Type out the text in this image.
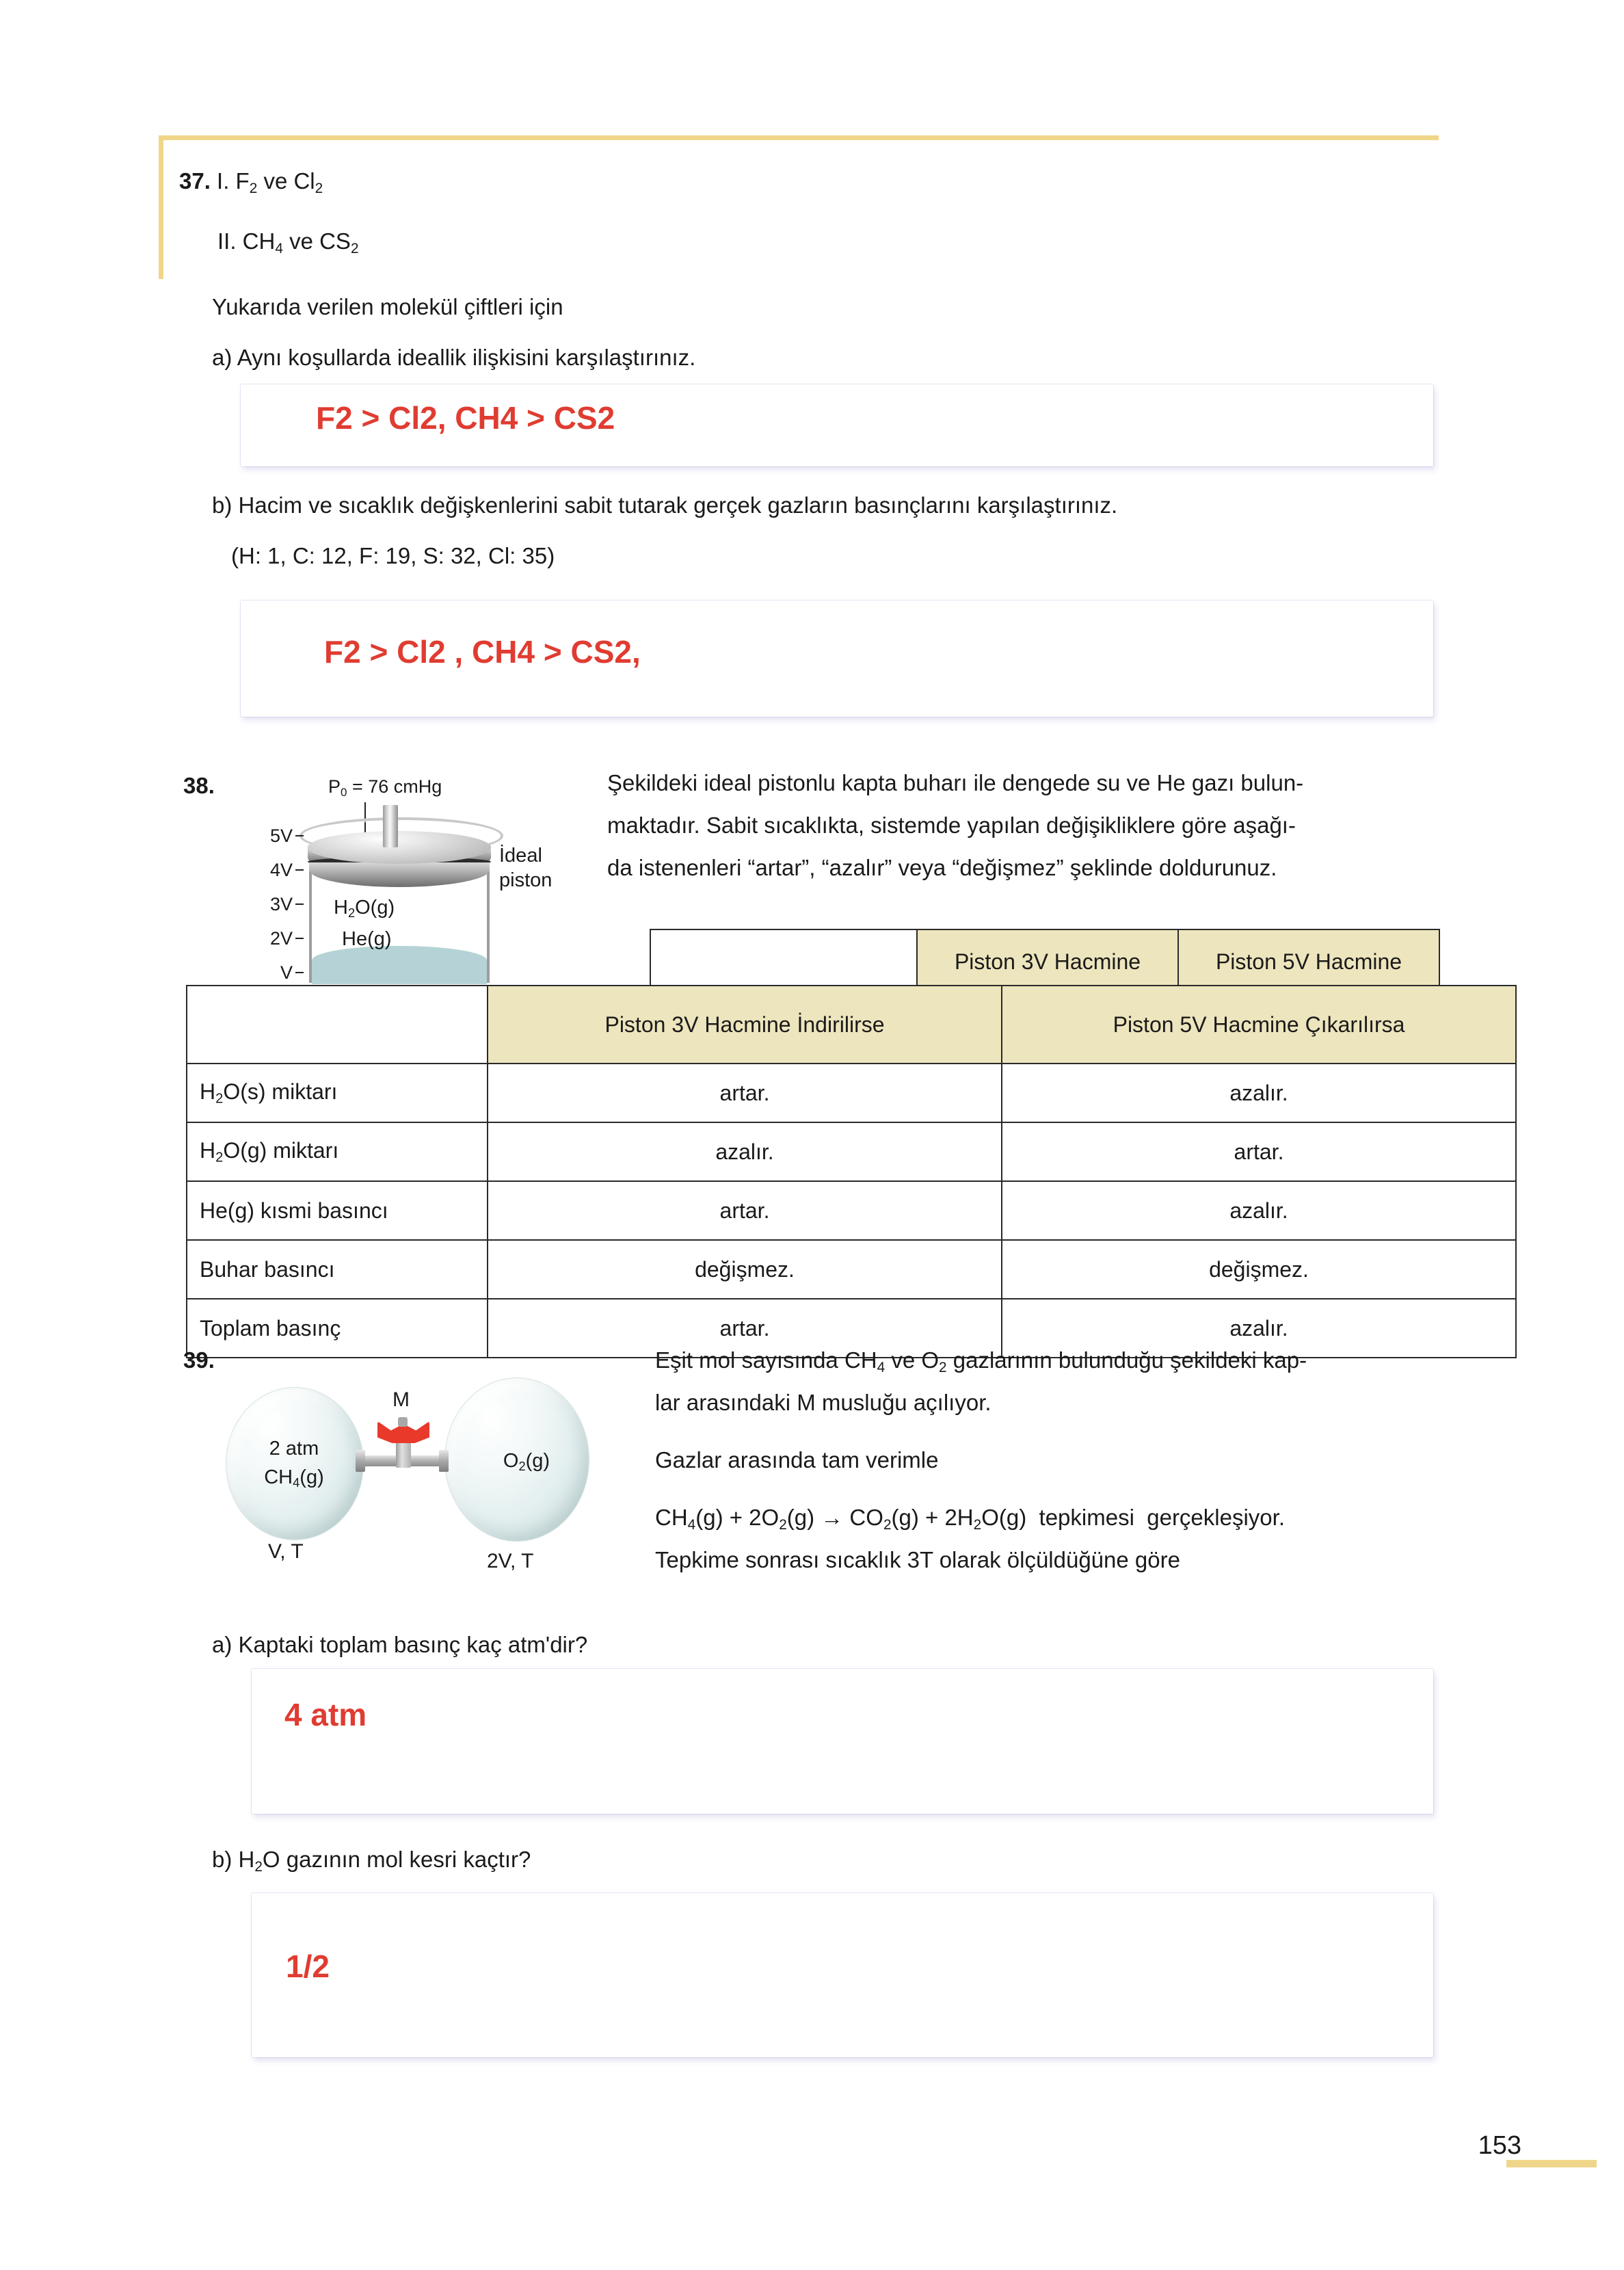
37. I. $F_2$ ve $Cl_2$
II. $CH_4$ ve $CS_2$
Yukarıda verilen molekül çiftleri için
a) Aynı koşullarda ideallik ilişkisini karşılaştırınız.
F2 > Cl2, CH4 > CS2
b) Hacim ve sıcaklık değişkenlerini sabit tutarak gerçek gazların basınçlarını karşılaştırınız.
(H: 1, C: 12, F: 19, S: 32, Cl: 35)
F2 > Cl2 , CH4 > CS2,
38.	$P_0 = 76$ cmHg
5V
4V
3V
2V
V
$H_2O(g)$
He(g)
İdeal
piston
Şekildeki ideal pistonlu kapta buharı ile dengede su ve He gazı bulun-
maktadır. Sabit sıcaklıkta, sistemde yapılan değişikliklere göre aşağı-
da istenenleri “artar”, “azalır” veya “değişmez” şeklinde doldurunuz.
	Piston 3V Hacmine	Piston 5V Hacmine

	Piston 3V Hacmine İndirilirse	Piston 5V Hacmine Çıkarılırsa
$H_2O(s)$ miktarı	artar.	azalır.
$H_2O(g)$ miktarı	azalır.	artar.
He(g) kısmi basıncı	artar.	azalır.
Buhar basıncı	değişmez.	değişmez.
Toplam basınç	artar.	azalır.
39.
M
2 atm
$CH_4(g)$
$O_2(g)$
V, T	2V, T
Eşit mol sayısında $CH_4$ ve $O_2$ gazlarının bulunduğu şekildeki kap-
lar arasındaki M musluğu açılıyor.
Gazlar arasında tam verimle
$CH_4(g) + 2O_2(g) \to CO_2(g) + 2H_2O(g)$  tepkimesi  gerçekleşiyor.
Tepkime sonrası sıcaklık 3T olarak ölçüldüğüne göre
a) Kaptaki toplam basınç kaç atm'dir?
4 atm
b) $H_2O$ gazının mol kesri kaçtır?
1/2
153
